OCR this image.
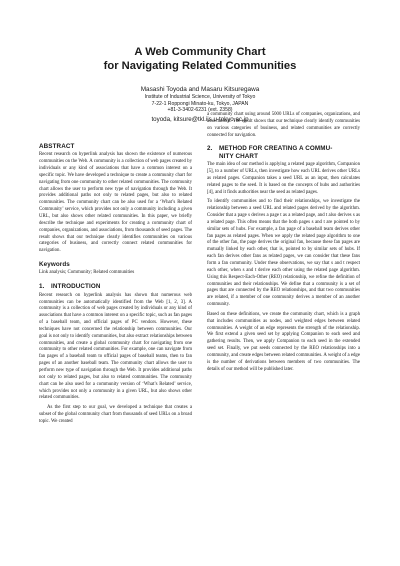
A Web Community Chart
for Navigating Related Communities
Masashi Toyoda and Masaru Kitsuregawa
Institute of Industrial Science, University of Tokyo
7-22-1 Roppongi Minato-ku, Tokyo, JAPAN
+81-3-3402-6231 (ext. 2358)
toyoda, kitsure@tkl.iis.u-tokyo.ac.jp
ABSTRACT

Recent research on hyperlink analysis has shown the existence of numerous communities on the Web. A community is a collection of web pages created by individuals or any kind of associations that have a common interest on a specific topic. We have developed a technique to create a community chart for navigating from one community to other related communities. The community chart allows the user to perform new type of navigation through the Web. It provides additional paths not only to related pages, but also to related communities. The community chart can be also used for a ‘What’s Related Community’ service, which provides not only a community including a given URL, but also shows other related communities. In this paper, we briefly describe the technique and experiments for creating a community chart of companies, organizations, and associations, from thousands of seed pages. The result shows that our technique clearly identifies communities on various categories of business, and correctly connect related communities for navigation.

Keywords

Link analysis; Community; Related communities

1. INTRODUCTION

Recent research on hyperlink analysis has shown that numerous web communities can be automatically identified from the Web [1, 2, 3]. A community is a collection of web pages created by individuals or any kind of associations that have a common interest on a specific topic, such as fan pages of a baseball team, and official pages of PC vendors. However, these techniques have not concerned the relationship between communities. Our goal is not only to identify communities, but also extract relationships between communities, and create a global community chart for navigating from one community to other related communities. For example, one can navigate from fan pages of a baseball team to official pages of baseball teams, then to fan pages of an another baseball team. The community chart allows the user to perform new type of navigation through the Web. It provides additional paths not only to related pages, but also to related communities. The community chart can be also used for a community version of ‘What’s Related’ service, which provides not only a community in a given URL, but also shows other related communities.

As the first step to our goal, we developed a technique that creates a subset of the global community chart from thousands of seed URLs on a broad topic. We created

a community chart using around 5000 URLs of companies, organizations, and associations. The result shows that our technique clearly identify communities on various categories of business, and related communities are correctly connected for navigation.

2. METHOD FOR CREATING A COMMU-
NITY CHART

The main idea of our method is applying a related page algorithm, Companion [5], to a number of URLs, then investigate how each URL derives other URLs as related pages. Companion takes a seed URL as an input, then calculates related pages to the seed. It is based on the concepts of hubs and authorities [4], and it finds authorities near the seed as related pages.

To identify communities and to find their relationships, we investigate the relationship between a seed URL and related pages derived by the algorithm. Consider that a page s derives a page t as a related page, and t also derives s as a related page. This often means that the both pages s and t are pointed to by similar sets of hubs. For example, a fan page of a baseball team derives other fan pages as related pages. When we apply the related page algorithm to one of the other fan, the page derives the original fan, because these fan pages are mutually linked by each other, that is, pointed to by similar sets of hubs. If each fan derives other fans as related pages, we can consider that these fans form a fan community. Under these observations, we say that s and t respect each other, when s and t derive each other using the related page algorithm. Using this Respect-Each-Other (REO) relationship, we refine the definition of communities and their relationships. We define that a community is a set of pages that are connected by the REO relationships, and that two communities are related, if a member of one community derives a member of an another community.

Based on these definitions, we create the community chart, which is a graph that includes communities as nodes, and weighted edges between related communities. A weight of an edge represents the strength of the relationship. We first extend a given seed set by applying Companion to each seed and gathering results. Then, we apply Companion to each seed in the extended seed set. Finally, we put seeds connected by the REO relationships into a community, and create edges between related communities. A weight of a edge is the number of derivations between members of two communities. The details of our method will be published later.
